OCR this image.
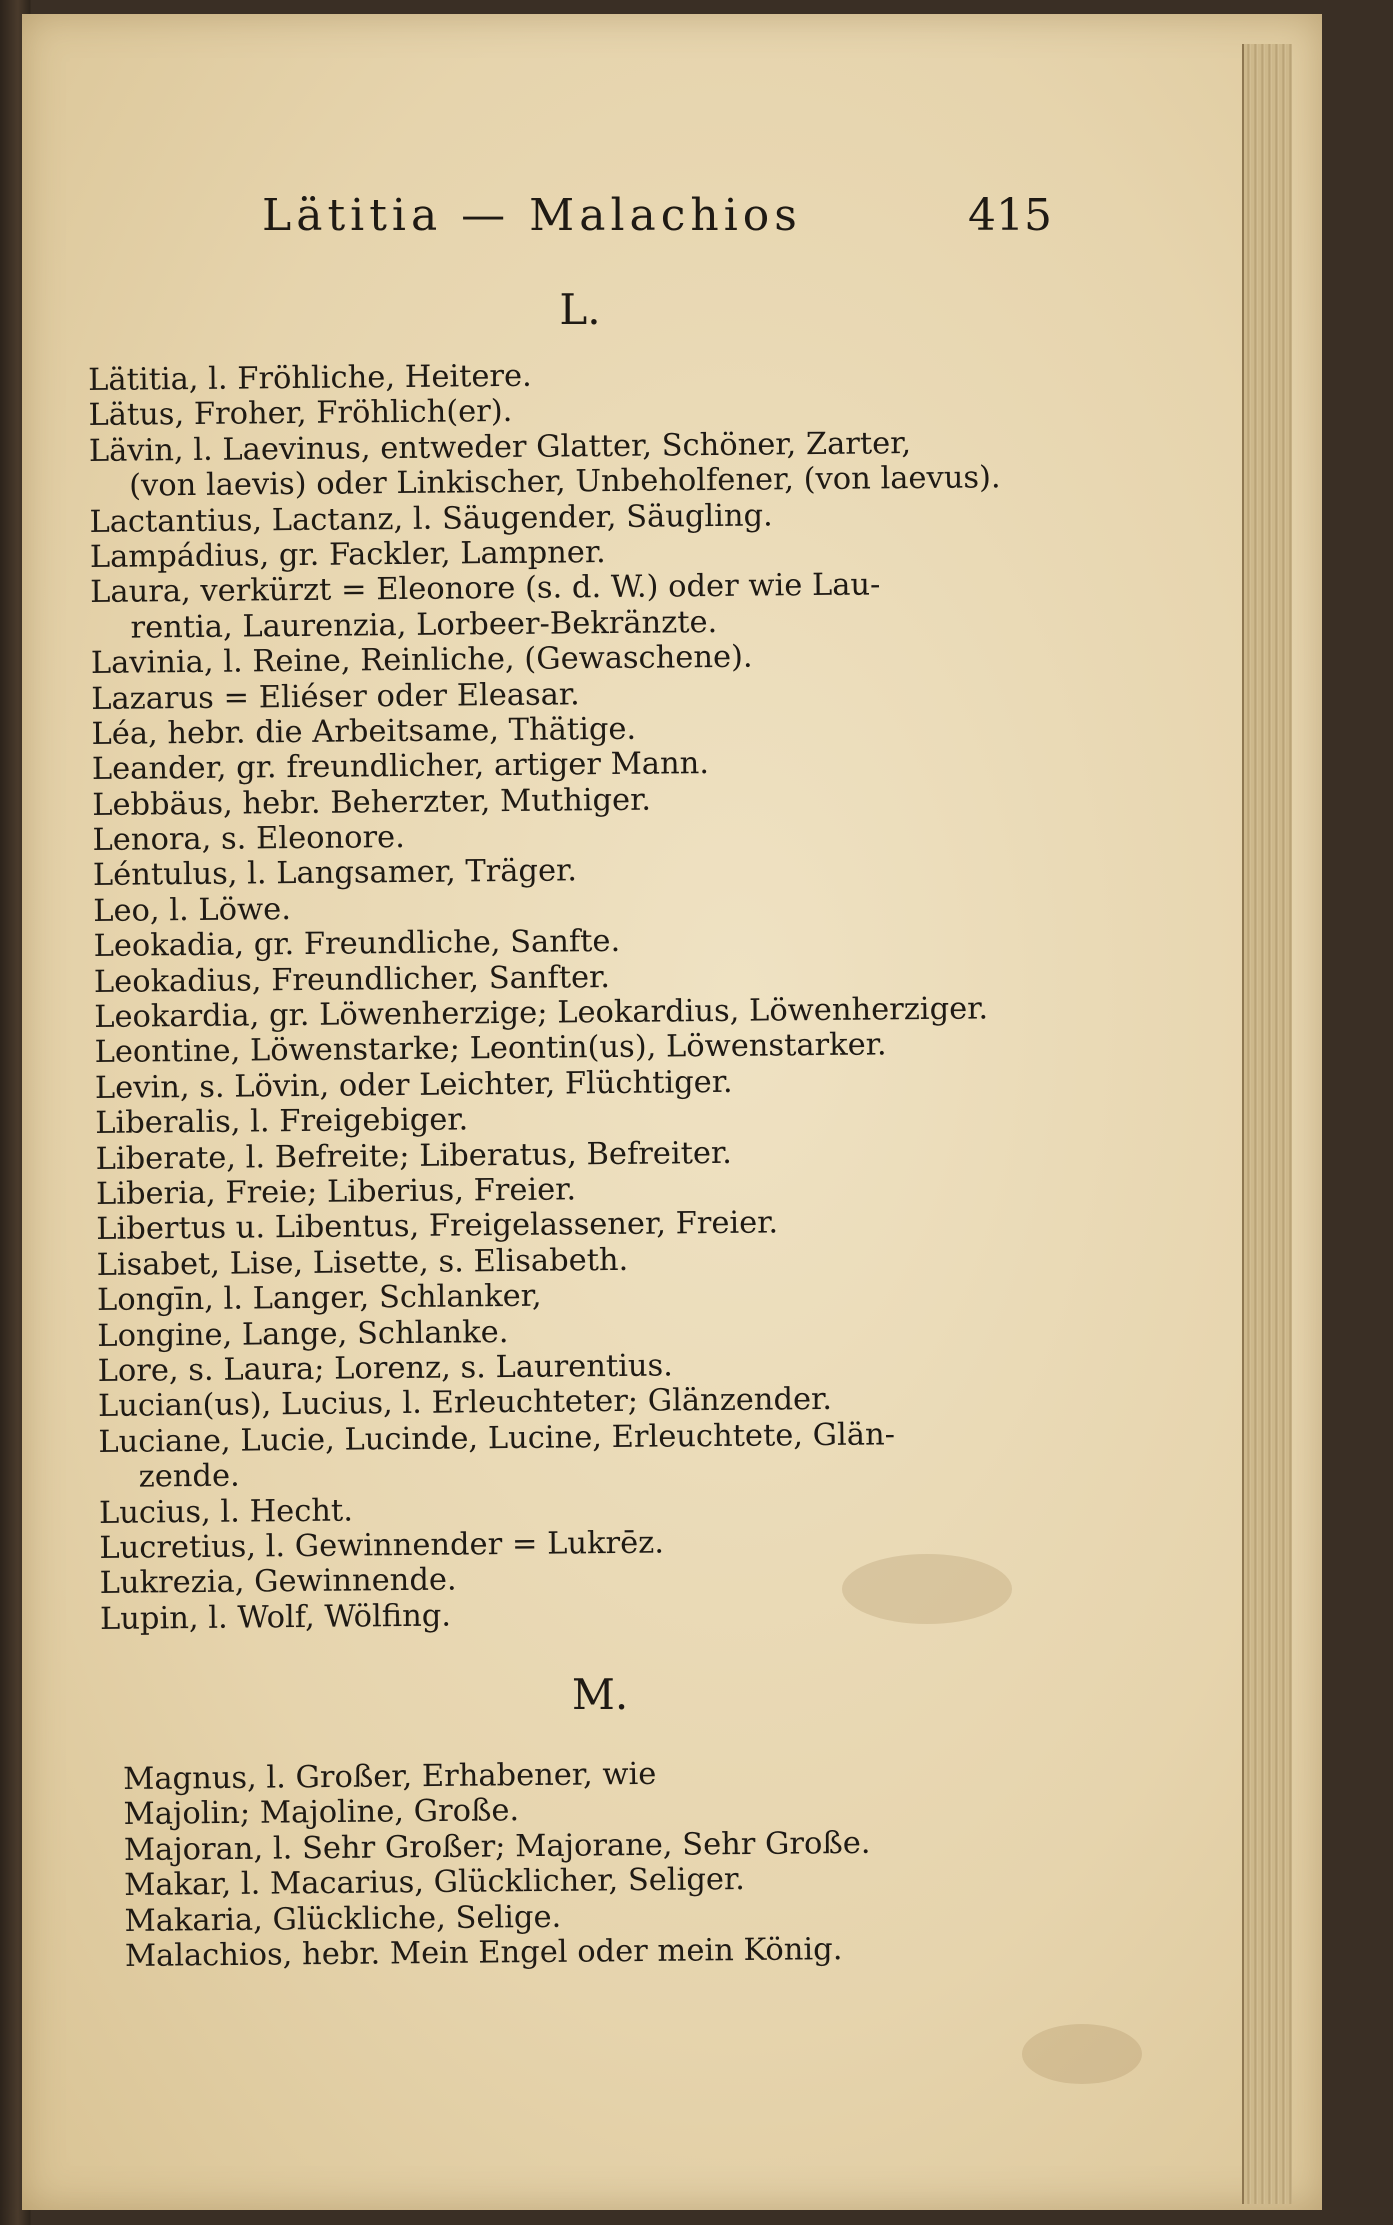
Lätitia — Malachios	415
L.
Lätitia, l. Fröhliche, Heitere.
Lätus, Froher, Fröhlich(er).
Lävin, l. Laevinus, entweder Glatter, Schöner, Zarter,
(von laevis) oder Linkischer, Unbeholfener, (von laevus).
Lactantius, Lactanz, l. Säugender, Säugling.
Lampádius, gr. Fackler, Lampner.
Laura, verkürzt = Eleonore (s. d. W.) oder wie Lau-
rentia, Laurenzia, Lorbeer-Bekränzte.
Lavinia, l. Reine, Reinliche, (Gewaschene).
Lazarus = Eliéser oder Eleasar.
Léa, hebr. die Arbeitsame, Thätige.
Leander, gr. freundlicher, artiger Mann.
Lebbäus, hebr. Beherzter, Muthiger.
Lenora, s. Eleonore.
Léntulus, l. Langsamer, Träger.
Leo, l. Löwe.
Leokadia, gr. Freundliche, Sanfte.
Leokadius, Freundlicher, Sanfter.
Leokardia, gr. Löwenherzige; Leokardius, Löwenherziger.
Leontine, Löwenstarke; Leontin(us), Löwenstarker.
Levin, s. Lövin, oder Leichter, Flüchtiger.
Liberalis, l. Freigebiger.
Liberate, l. Befreite; Liberatus, Befreiter.
Liberia, Freie; Liberius, Freier.
Libertus u. Libentus, Freigelassener, Freier.
Lisabet, Lise, Lisette, s. Elisabeth.
Longīn, l. Langer, Schlanker,
Longine, Lange, Schlanke.
Lore, s. Laura; Lorenz, s. Laurentius.
Lucian(us), Lucius, l. Erleuchteter; Glänzender.
Luciane, Lucie, Lucinde, Lucine, Erleuchtete, Glän-
zende.
Lucius, l. Hecht.
Lucretius, l. Gewinnender = Lukrēz.
Lukrezia, Gewinnende.
Lupin, l. Wolf, Wölfing.
M.
Magnus, l. Großer, Erhabener, wie
Majolin; Majoline, Große.
Majoran, l. Sehr Großer; Majorane, Sehr Große.
Makar, l. Macarius, Glücklicher, Seliger.
Makaria, Glückliche, Selige.
Malachios, hebr. Mein Engel oder mein König.
